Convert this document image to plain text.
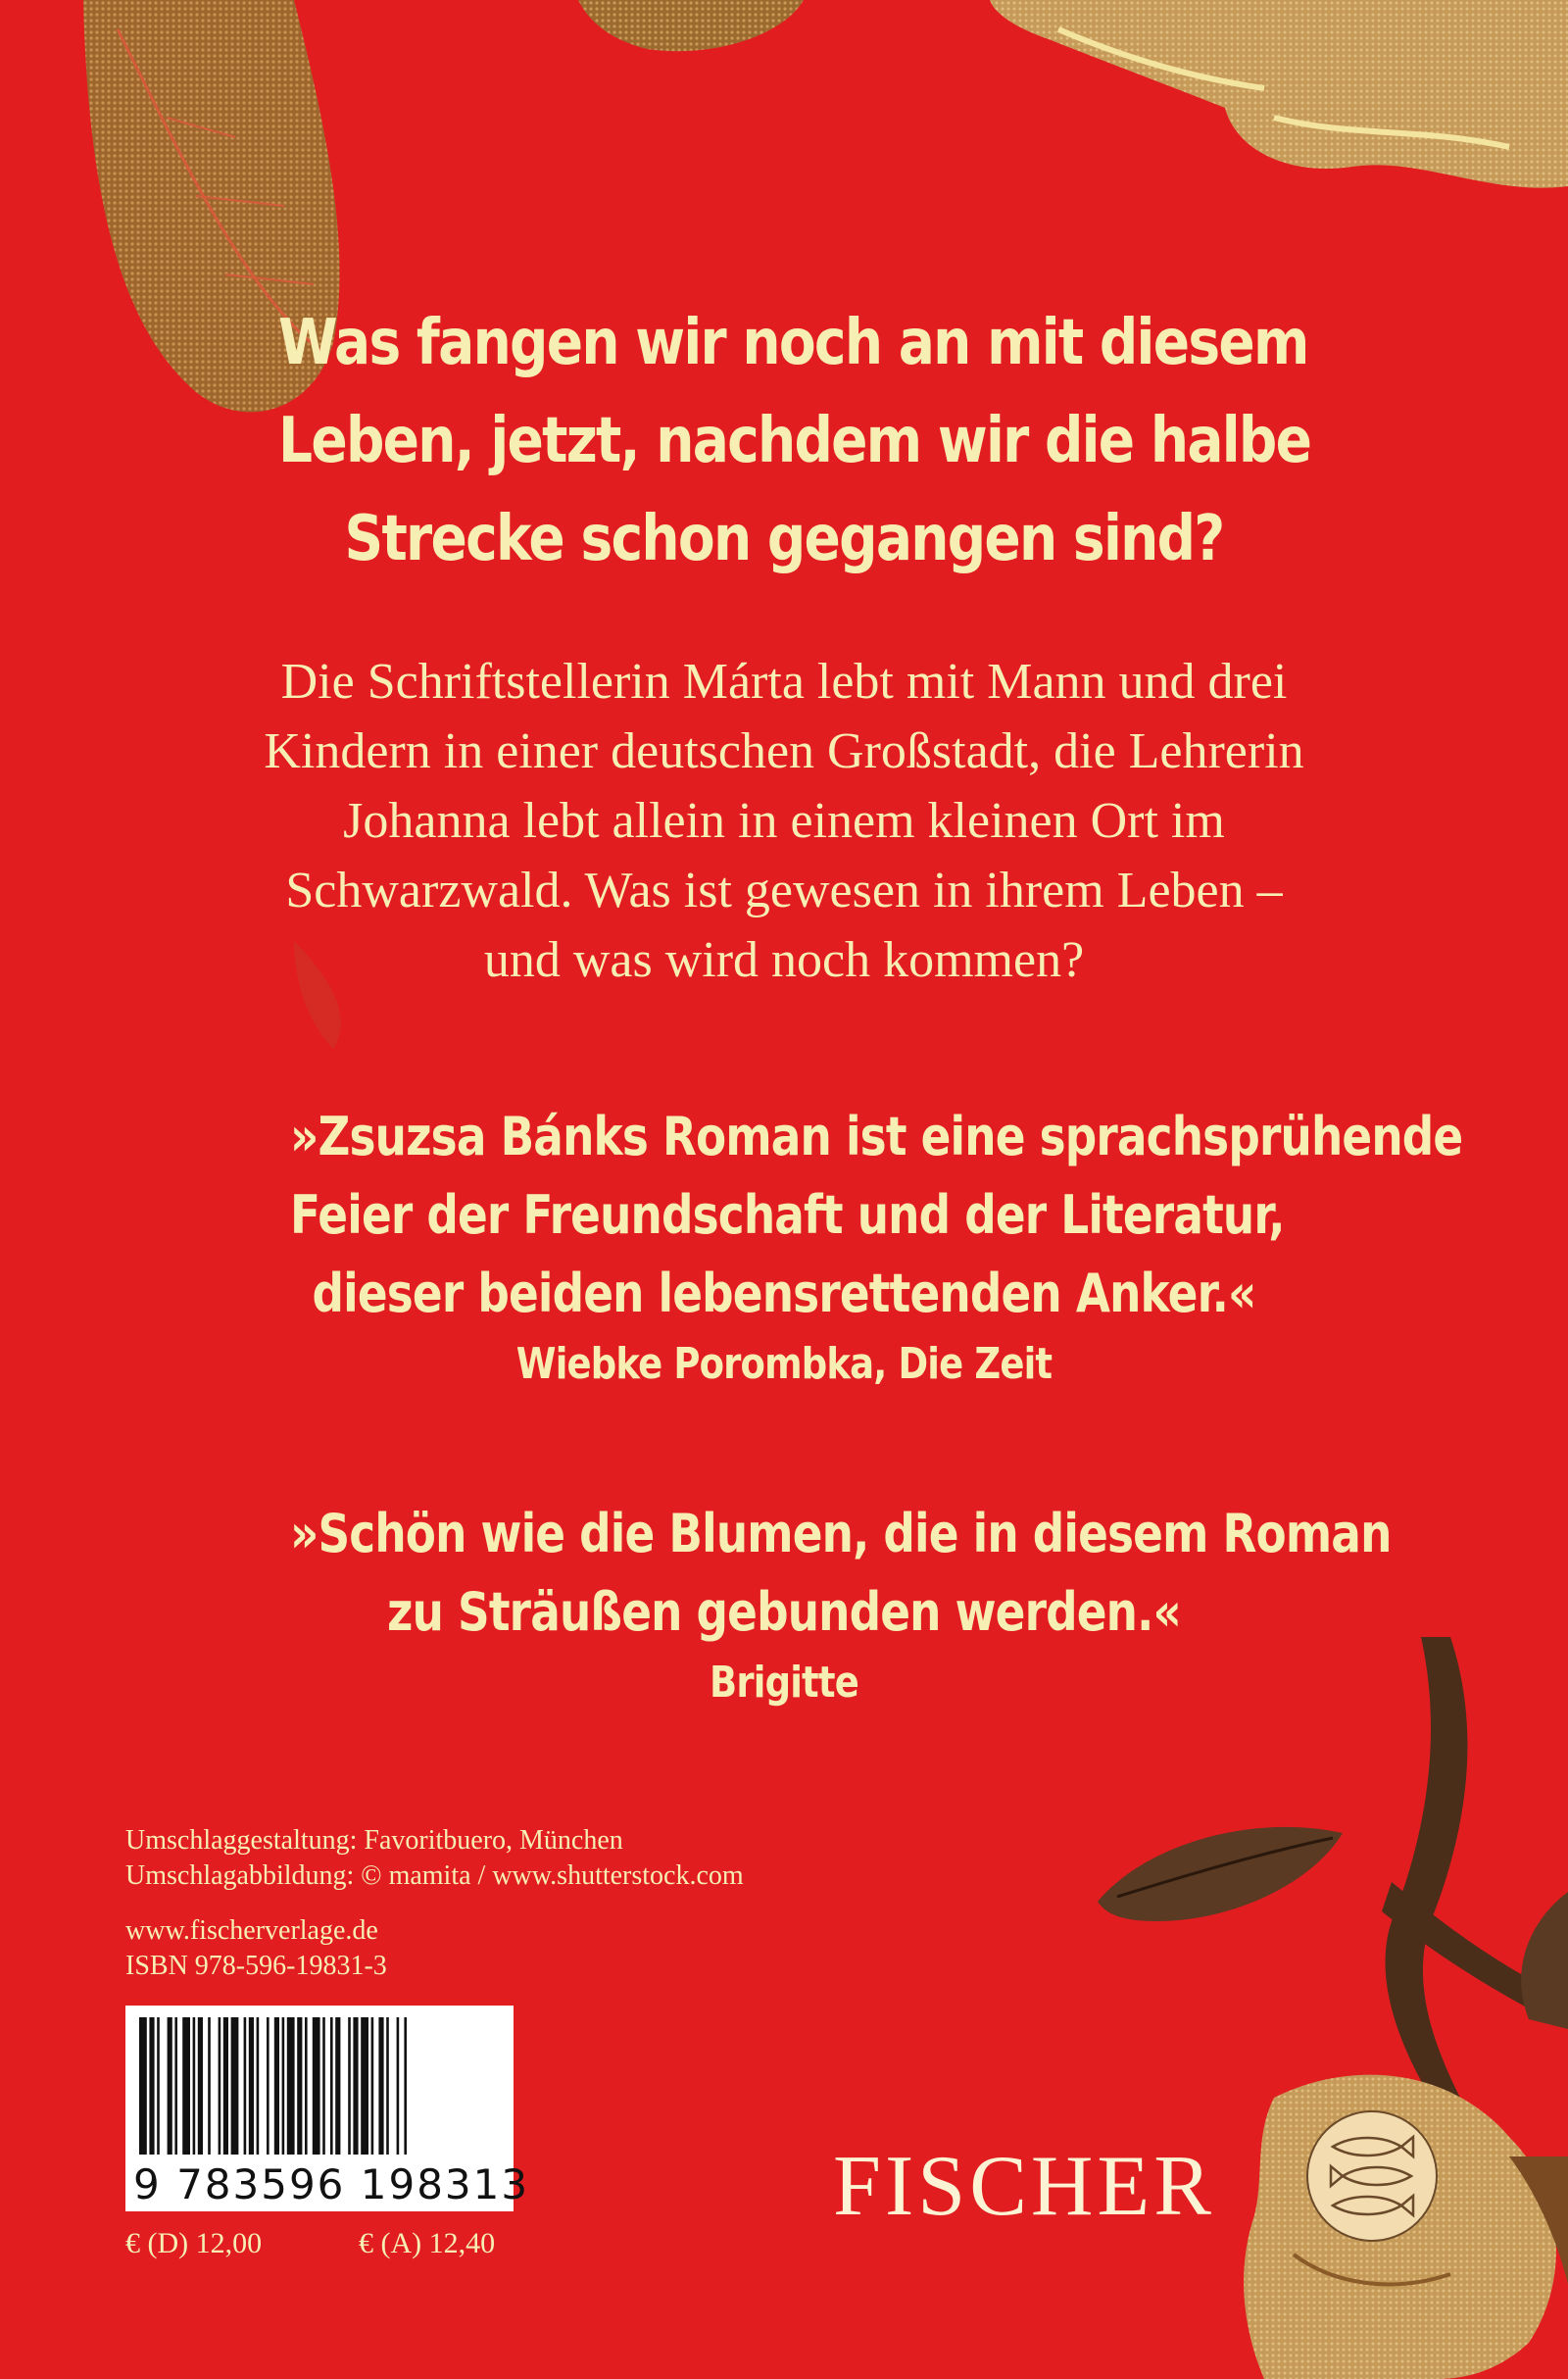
Was fangen wir noch an mit diesem
Leben, jetzt, nachdem wir die halbe
Strecke schon gegangen sind?
Die Schriftstellerin Márta lebt mit Mann und drei
Kindern in einer deutschen Großstadt, die Lehrerin
Johanna lebt allein in einem kleinen Ort im
Schwarzwald. Was ist gewesen in ihrem Leben –
und was wird noch kommen?
»Zsuzsa Bánks Roman ist eine sprachsprühende
Feier der Freundschaft und der Literatur,
dieser beiden lebensrettenden Anker.«
Wiebke Porombka, Die Zeit
»Schön wie die Blumen, die in diesem Roman
zu Sträußen gebunden werden.«
Brigitte
Umschlaggestaltung: Favoritbuero, München
Umschlagabbildung: © mamita / www.shutterstock.com
www.fischerverlage.de
ISBN 978-596-19831-3
9 783596 198313
€ (D) 12,00	€ (A) 12,40
FISCHER
